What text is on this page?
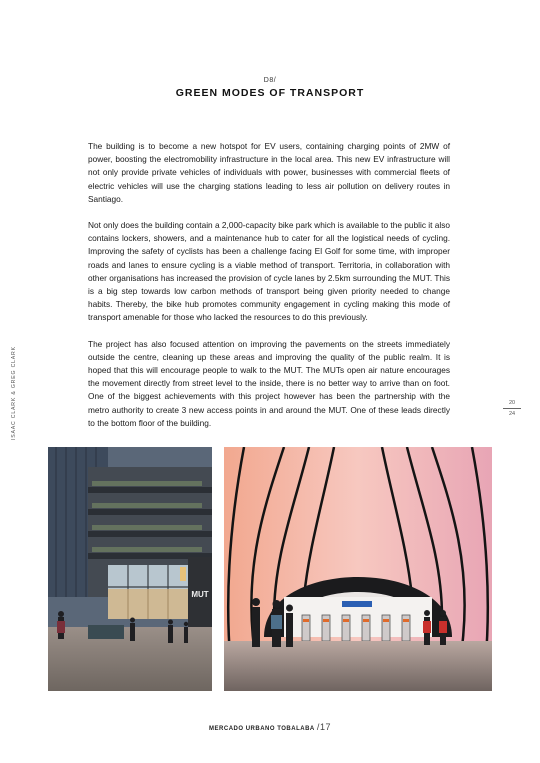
D8/
GREEN MODES OF TRANSPORT

The building is to become a new hotspot for EV users, containing charging points of 2MW of power, boosting the electromobility infrastructure in the local area. This new EV infrastructure will not only provide private vehicles of individuals with power, businesses with commercial fleets of electric vehicles will use the charging stations leading to less air pollution on delivery routes in Santiago.

Not only does the building contain a 2,000-capacity bike park which is available to the public it also contains lockers, showers, and a maintenance hub to cater for all the logistical needs of cycling. Improving the safety of cyclists has been a challenge facing El Golf for some time, with improper roads and lanes to ensure cycling is a viable method of transport. Territoria, in collaboration with other organisations has increased the provision of cycle lanes by 2.5km surrounding the MUT. This is a big step towards low carbon methods of transport being given priority needed to change habits. Thereby, the bike hub promotes community engagement in cycling making this mode of transport amenable for those who lacked the resources to do this previously.

The project has also focused attention on improving the pavements on the streets immediately outside the centre, cleaning up these areas and improving the quality of the public realm. It is hoped that this will encourage people to walk to the MUT. The MUTs open air nature encourages the movement directly from street level to the inside, there is no better way to arrive than on foot. One of the biggest achievements with this project however has been the partnership with the metro authority to create 3 new access points in and around the MUT. One of these leads directly to the bottom floor of the building.

ISAAC CLARK & GREG CLARK	20
24
MUT
MERCADO URBANO TOBALABA /17
